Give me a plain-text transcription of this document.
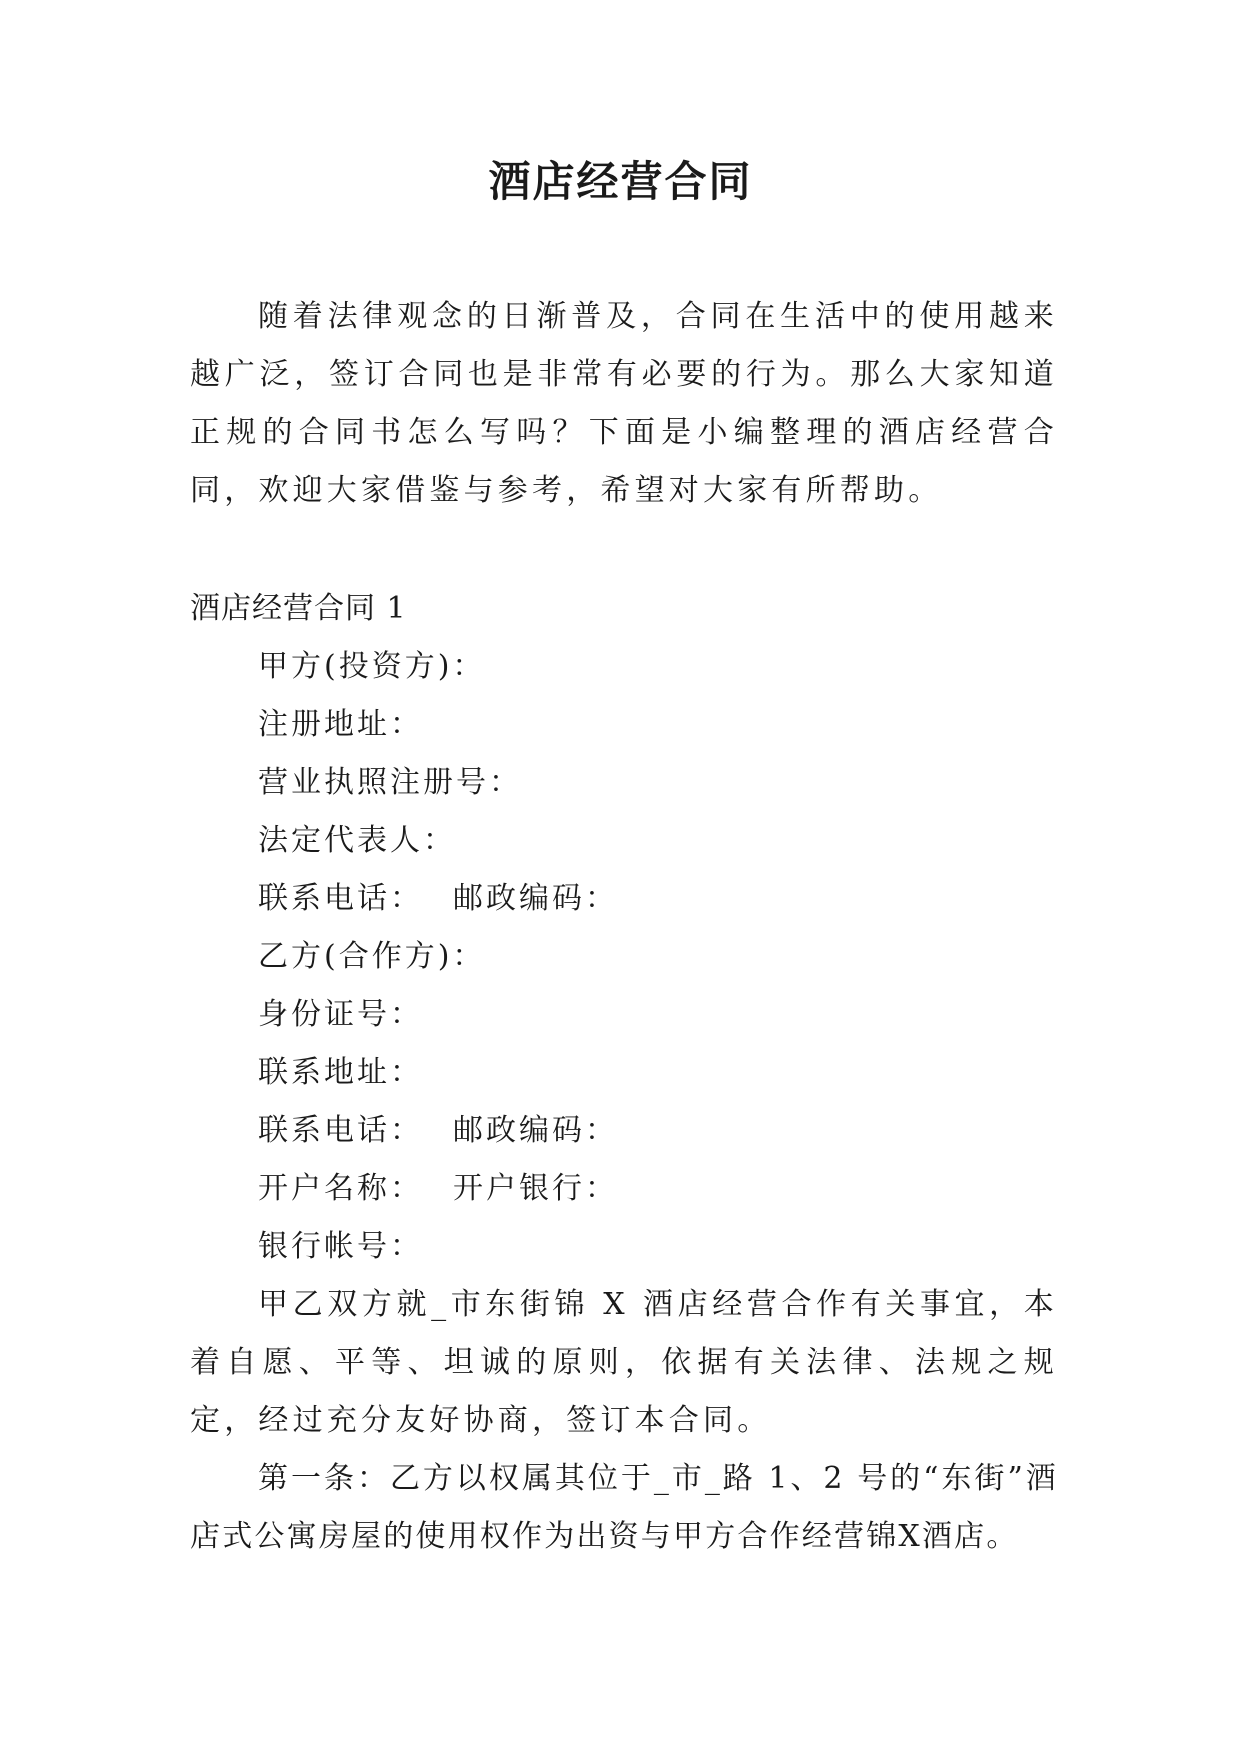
酒店经营合同

随着法律观念的日渐普及，合同在生活中的使用越来越广泛，签订合同也是非常有必要的行为。那么大家知道正规的合同书怎么写吗？下面是小编整理的酒店经营合同，欢迎大家借鉴与参考，希望对大家有所帮助。

酒店经营合同 1

甲方(投资方)：
注册地址：
营业执照注册号：
法定代表人：
联系电话： 邮政编码：
乙方(合作方)：
身份证号：
联系地址：
联系电话： 邮政编码：
开户名称： 开户银行：
银行帐号：

甲乙双方就_市东街锦 X 酒店经营合作有关事宜，本着自愿、平等、坦诚的原则，依据有关法律、法规之规定，经过充分友好协商，签订本合同。

第一条：乙方以权属其位于_市_路 1、2 号的“东街”酒店式公寓房屋的使用权作为出资与甲方合作经营锦X酒店。
